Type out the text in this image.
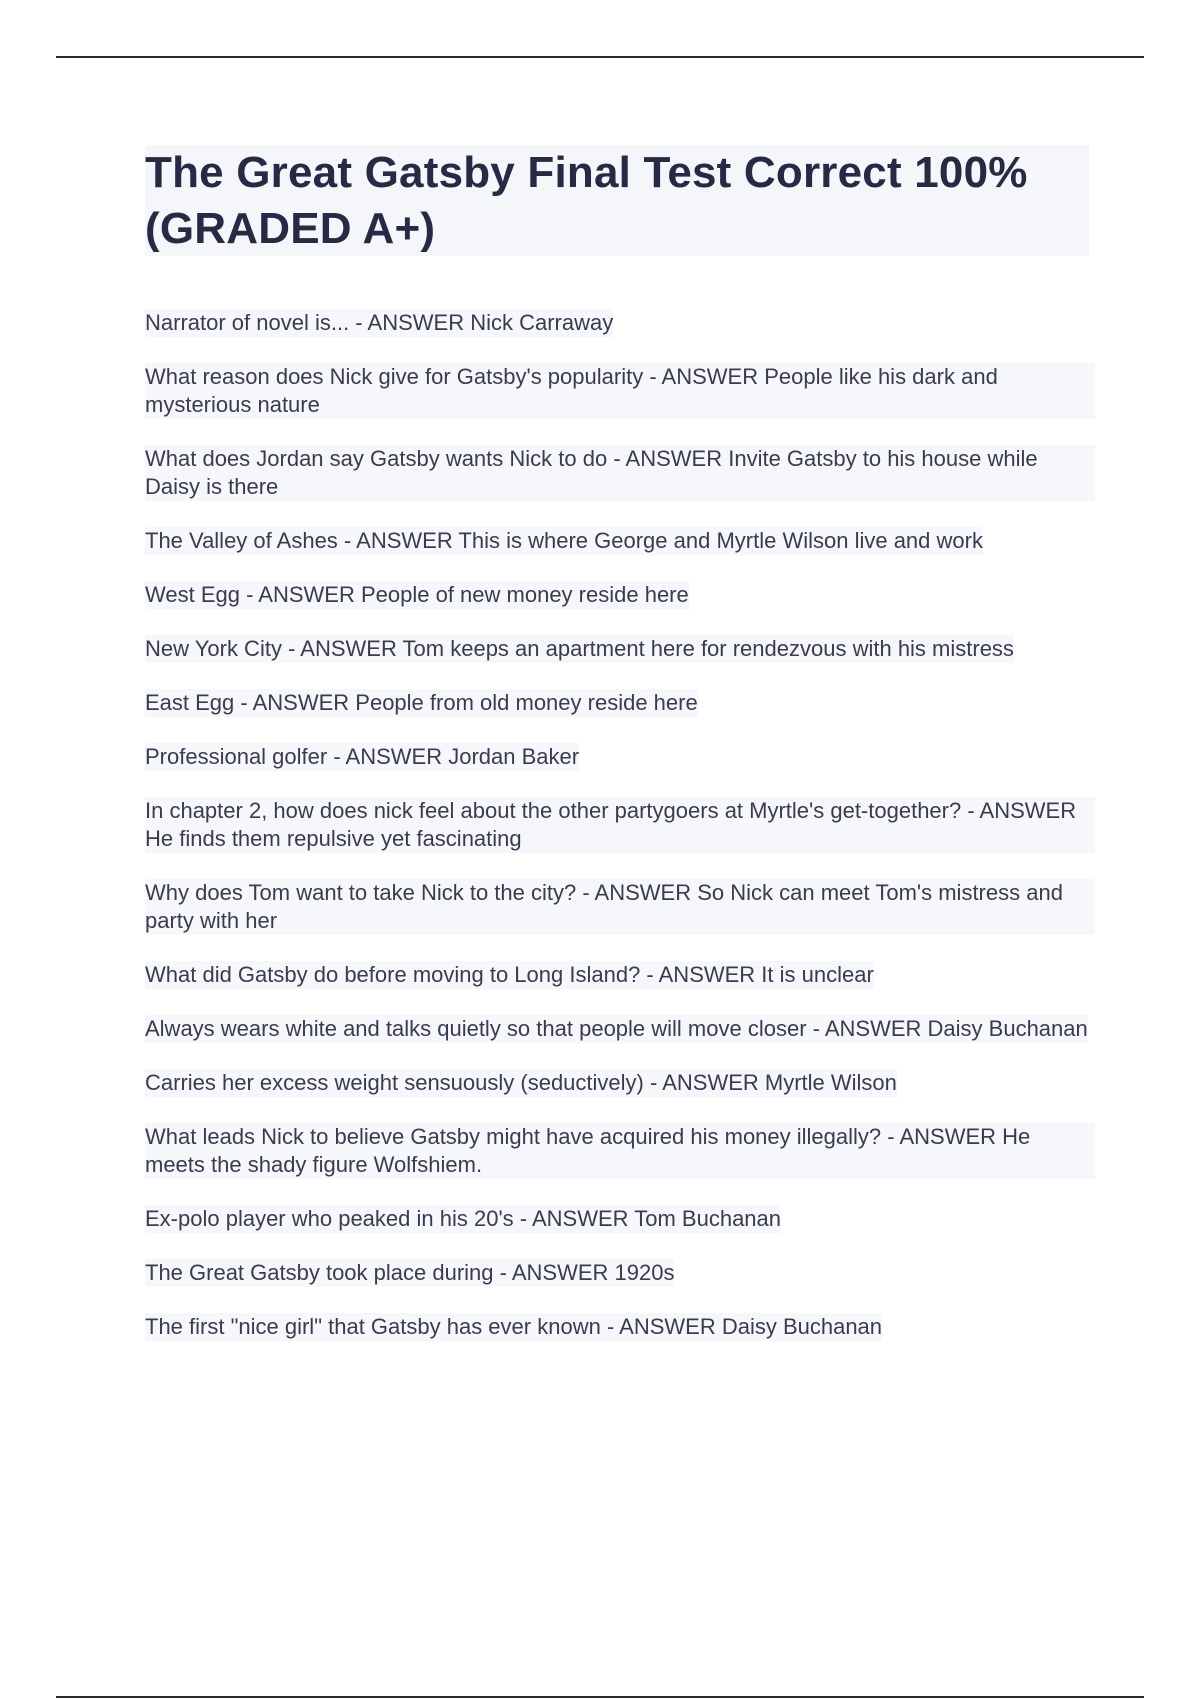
The Great Gatsby Final Test Correct 100%(GRADED A+)
Narrator of novel is... - ANSWER Nick Carraway
What reason does Nick give for Gatsby's popularity - ANSWER People like his dark and mysterious nature
What does Jordan say Gatsby wants Nick to do - ANSWER Invite Gatsby to his house while Daisy is there
The Valley of Ashes - ANSWER This is where George and Myrtle Wilson live and work
West Egg - ANSWER People of new money reside here
New York City - ANSWER Tom keeps an apartment here for rendezvous with his mistress
East Egg - ANSWER People from old money reside here
Professional golfer - ANSWER Jordan Baker
In chapter 2, how does nick feel about the other partygoers at Myrtle's get-together? - ANSWER He finds them repulsive yet fascinating
Why does Tom want to take Nick to the city? - ANSWER So Nick can meet Tom's mistress and party with her
What did Gatsby do before moving to Long Island? - ANSWER It is unclear
Always wears white and talks quietly so that people will move closer - ANSWER Daisy Buchanan
Carries her excess weight sensuously (seductively) - ANSWER Myrtle Wilson
What leads Nick to believe Gatsby might have acquired his money illegally? - ANSWER He meets the shady figure Wolfshiem.
Ex-polo player who peaked in his 20's - ANSWER Tom Buchanan
The Great Gatsby took place during - ANSWER 1920s
The first "nice girl" that Gatsby has ever known - ANSWER Daisy Buchanan
